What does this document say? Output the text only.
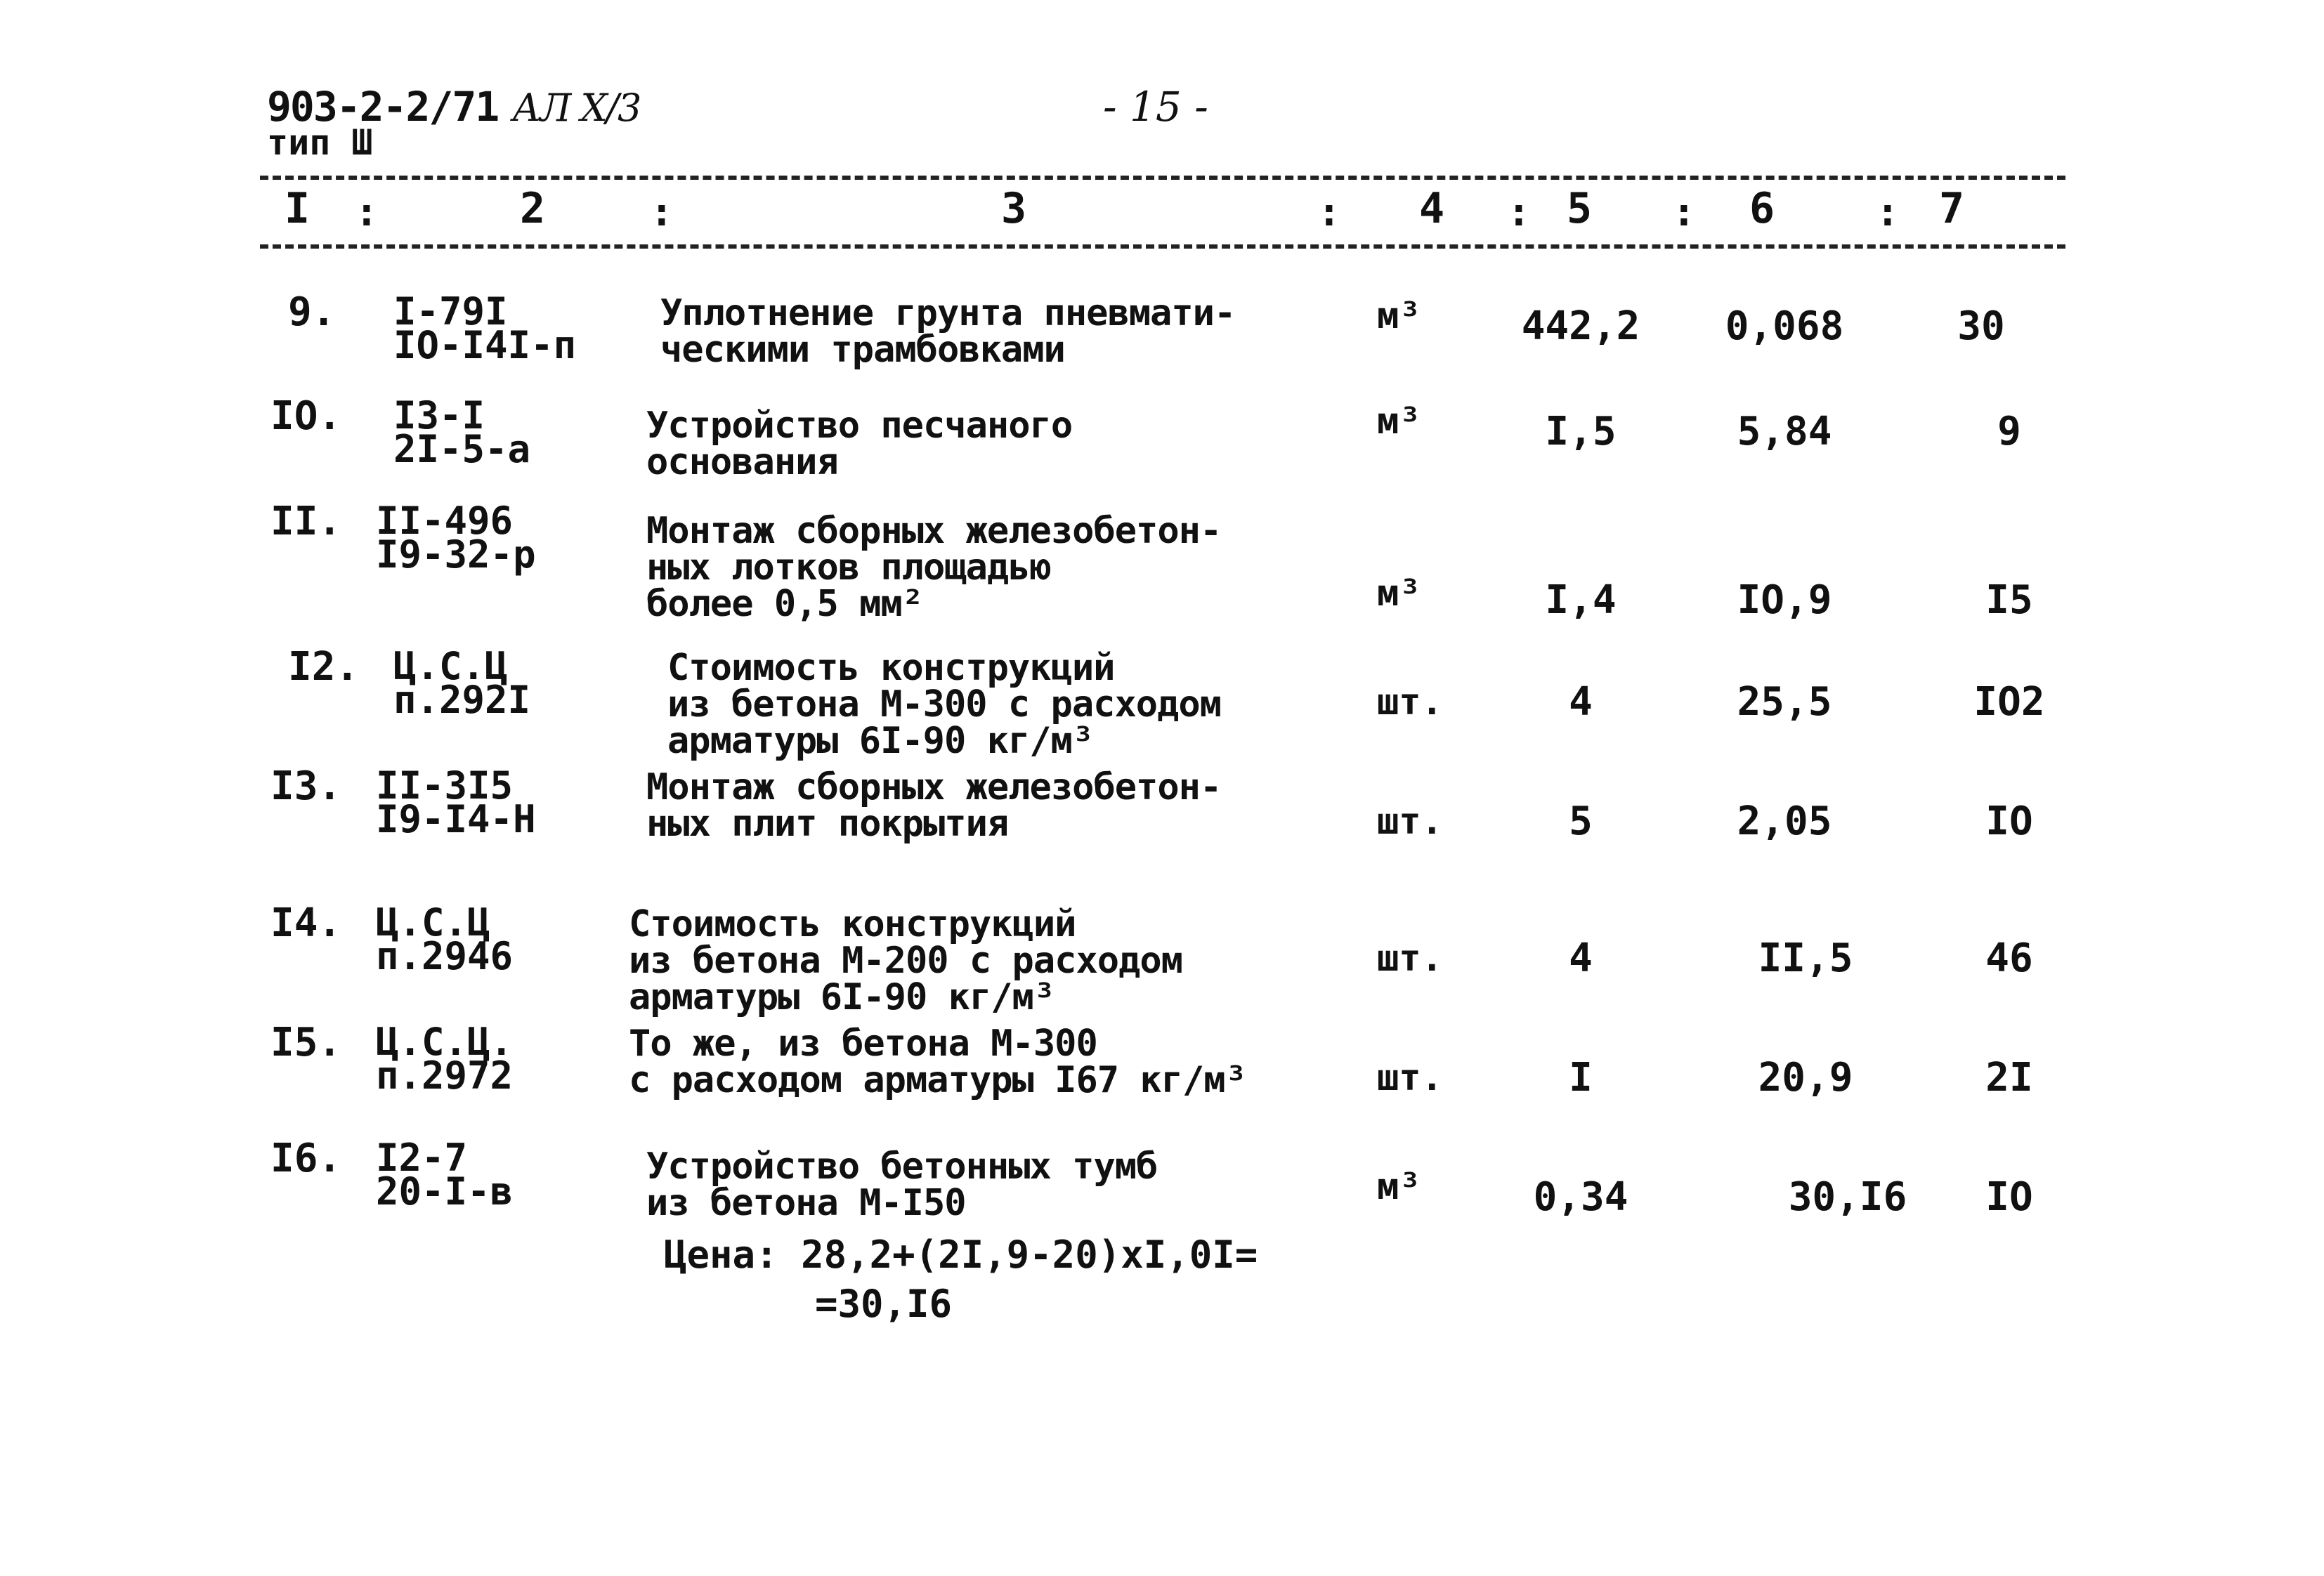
903-2-2/71 АЛ Х/3
тип Ш
- 15 -
I	2	3	4	5	6	7
:	:	:	:	:	:
9. I-79I
IO-I4I-п
Уплотнение грунта пневмати-
ческими трамбовками
м³	442,2	0,068	30
IO. I3-I
2I-5-а
Устройство песчаного
основания
м³	I,5	5,84	9
II. II-496
I9-32-р
Монтаж сборных железобетон-
ных лотков площадью
более 0,5 мм²	м³	I,4	IO,9	I5
I2. Ц.С.Ц
п.292I
Стоимость конструкций
из бетона М-300 с расходом
арматуры 6I-90 кг/м³
шт.	4	25,5	IO2
I3. II-3I5
I9-I4-Н
Монтаж сборных железобетон-
ных плит покрытия	шт.	5	2,05	IO
I4. Ц.С.Ц
п.2946
Стоимость конструкций
из бетона М-200 с расходом
арматуры 6I-90 кг/м³
шт.	4	II,5	46
I5. Ц.С.Ц.
п.2972
То же, из бетона М-300
с расходом арматуры I67 кг/м³	шт.	I	20,9	2I
I6. I2-7
20-I-в
Устройство бетонных тумб
из бетона М-I50	м³	0,34	30,I6	IO
Цена: 28,2+(2I,9-20)хI,0I=
=30,I6
